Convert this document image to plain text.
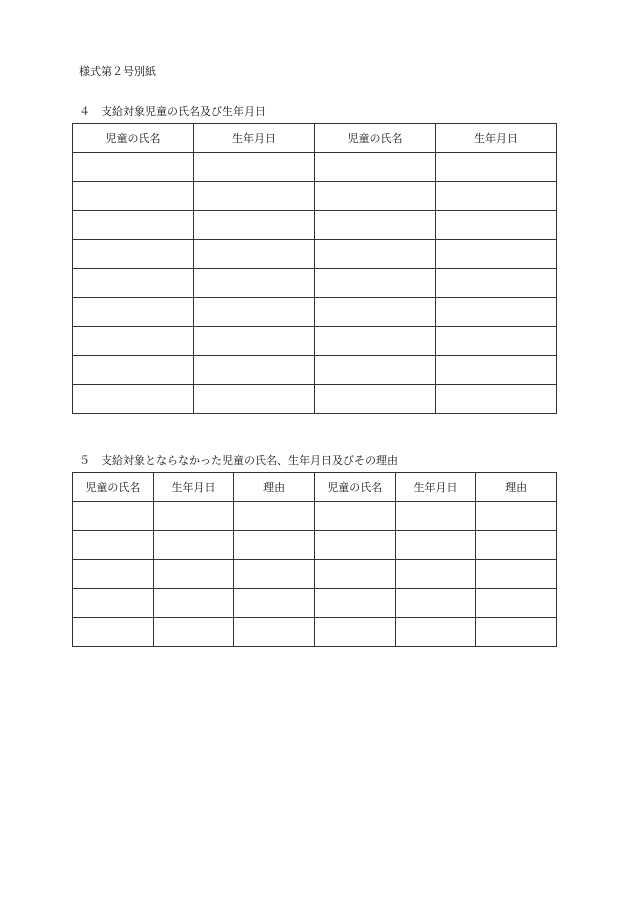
様式第２号別紙
４　支給対象児童の氏名及び生年月日
児童の氏名	生年月日	児童の氏名	生年月日

５　支給対象とならなかった児童の氏名、生年月日及びその理由
児童の氏名	生年月日	理由	児童の氏名	生年月日	理由
